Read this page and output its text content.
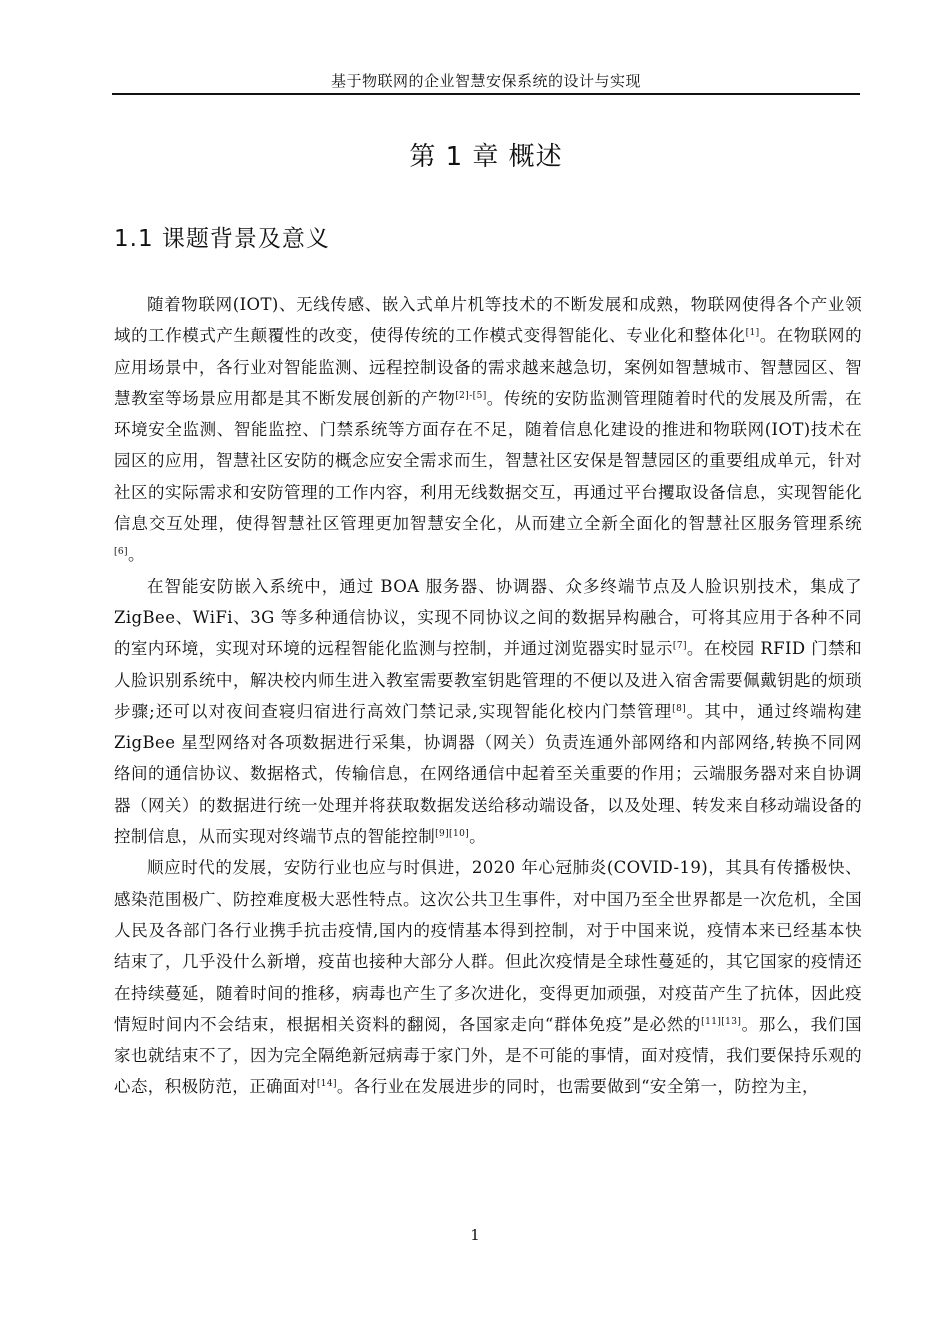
基于物联网的企业智慧安保系统的设计与实现
第 1 章 概述
1.1 课题背景及意义

随着物联网(IOT)、无线传感、嵌入式单片机等技术的不断发展和成熟，物联网使得各个产业领域的工作模式产生颠覆性的改变，使得传统的工作模式变得智能化、专业化和整体化[1]。在物联网的应用场景中，各行业对智能监测、远程控制设备的需求越来越急切，案例如智慧城市、智慧园区、智慧教室等场景应用都是其不断发展创新的产物[2]-[5]。传统的安防监测管理随着时代的发展及所需，在环境安全监测、智能监控、门禁系统等方面存在不足，随着信息化建设的推进和物联网(IOT)技术在园区的应用，智慧社区安防的概念应安全需求而生，智慧社区安保是智慧园区的重要组成单元，针对社区的实际需求和安防管理的工作内容，利用无线数据交互，再通过平台攫取设备信息，实现智能化信息交互处理，使得智慧社区管理更加智慧安全化，从而建立全新全面化的智慧社区服务管理系统[6]。

在智能安防嵌入系统中，通过 BOA 服务器、协调器、众多终端节点及人脸识别技术，集成了 ZigBee、WiFi、3G 等多种通信协议，实现不同协议之间的数据异构融合，可将其应用于各种不同的室内环境，实现对环境的远程智能化监测与控制，并通过浏览器实时显示[7]。在校园 RFID 门禁和人脸识别系统中，解决校内师生进入教室需要教室钥匙管理的不便以及进入宿舍需要佩戴钥匙的烦琐步骤;还可以对夜间查寝归宿进行高效门禁记录,实现智能化校内门禁管理[8]。其中，通过终端构建 ZigBee 星型网络对各项数据进行采集，协调器（网关）负责连通外部网络和内部网络,转换不同网络间的通信协议、数据格式，传输信息，在网络通信中起着至关重要的作用；云端服务器对来自协调器（网关）的数据进行统一处理并将获取数据发送给移动端设备，以及处理、转发来自移动端设备的控制信息，从而实现对终端节点的智能控制[9][10]。

顺应时代的发展，安防行业也应与时俱进，2020 年心冠肺炎(COVID-19)，其具有传播极快、感染范围极广、防控难度极大恶性特点。这次公共卫生事件，对中国乃至全世界都是一次危机，全国人民及各部门各行业携手抗击疫情,国内的疫情基本得到控制，对于中国来说，疫情本来已经基本快结束了，几乎没什么新增，疫苗也接种大部分人群。但此次疫情是全球性蔓延的，其它国家的疫情还在持续蔓延，随着时间的推移，病毒也产生了多次进化，变得更加顽强，对疫苗产生了抗体，因此疫情短时间内不会结束，根据相关资料的翻阅，各国家走向“群体免疫”是必然的[11][13]。那么，我们国家也就结束不了，因为完全隔绝新冠病毒于家门外，是不可能的事情，面对疫情，我们要保持乐观的心态，积极防范，正确面对[14]。各行业在发展进步的同时，也需要做到“安全第一，防控为主，

1
